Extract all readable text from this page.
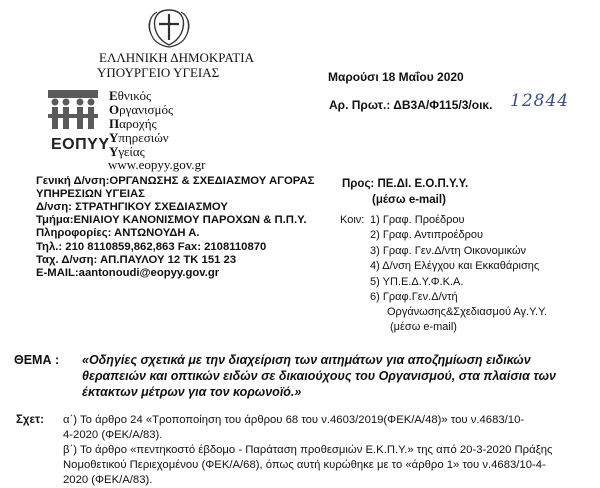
ΕΛΛΗΝΙΚΗ ΔΗΜΟΚΡΑΤΙΑ
ΥΠΟΥΡΓΕΙΟ ΥΓΕΙΑΣ
ΕΟΠΥΥ
Εθνικός
Οργανισμός
Παροχής
Υπηρεσιών
Υγείας
www.eopyy.gov.gr
Μαρούσι 18 Μαΐου 2020
Αρ. Πρωτ.: ΔΒ3Α/Φ115/3/οικ. 12844
Γενική Δ/νση:ΟΡΓΑΝΩΣΗΣ & ΣΧΕΔΙΑΣΜΟΥ ΑΓΟΡΑΣ
ΥΠΗΡΕΣΙΩΝ ΥΓΕΙΑΣ
Δ/νση: ΣΤΡΑΤΗΓΙΚΟΥ ΣΧΕΔΙΑΣΜΟΥ
Τμήμα:ΕΝΙΑΙΟΥ ΚΑΝΟΝΙΣΜΟΥ ΠΑΡΟΧΩΝ & Π.Π.Υ.
Πληροφορίες: ΑΝΤΩΝΟΥΔΗ Α.
Τηλ.: 210 8110859,862,863 Fax: 2108110870
Ταχ. Δ/νση: ΑΠ.ΠΑΥΛΟΥ 12 ΤΚ 151 23
E-MAIL:aantonoudi@eopyy.gov.gr
Προς: ΠΕ.ΔΙ. Ε.Ο.Π.Υ.Υ.
(μέσω e-mail)
Κοιν: 1) Γραφ. Προέδρου
2) Γραφ. Αντιπροέδρου
3) Γραφ. Γεν.Δ/ντη Οικονομικών
4) Δ/νση Ελέγχου και Εκκαθάρισης
5) ΥΠ.Ε.Δ.Υ.Φ.Κ.Α.
6) Γραφ.Γεν.Δ/ντή
Οργάνωσης&Σχεδιασμού Αγ.Υ.Υ.
(μέσω e-mail)
ΘΕΜΑ : «Οδηγίες σχετικά με την διαχείριση των αιτημάτων για αποζημίωση ειδικών θεραπειών και οπτικών ειδών σε δικαιούχους του Οργανισμού, στα πλαίσια των έκτακτων μέτρων για τον κορωνοϊό.»
Σχετ: α΄) Το άρθρο 24 «Τροποποίηση του άρθρου 68 του ν.4603/2019(ΦΕΚ/Α/48)» του ν.4683/10-4-2020 (ΦΕΚ/Α/83).
β΄) Το άρθρο «πεντηκοστό έβδομο - Παράταση προθεσμιών Ε.Κ.Π.Υ.» της από 20-3-2020 Πράξης Νομοθετικού Περιεχομένου (ΦΕΚ/Α/68), όπως αυτή κυρώθηκε με το «άρθρο 1» του ν.4683/10-4-2020 (ΦΕΚ/Α/83).
